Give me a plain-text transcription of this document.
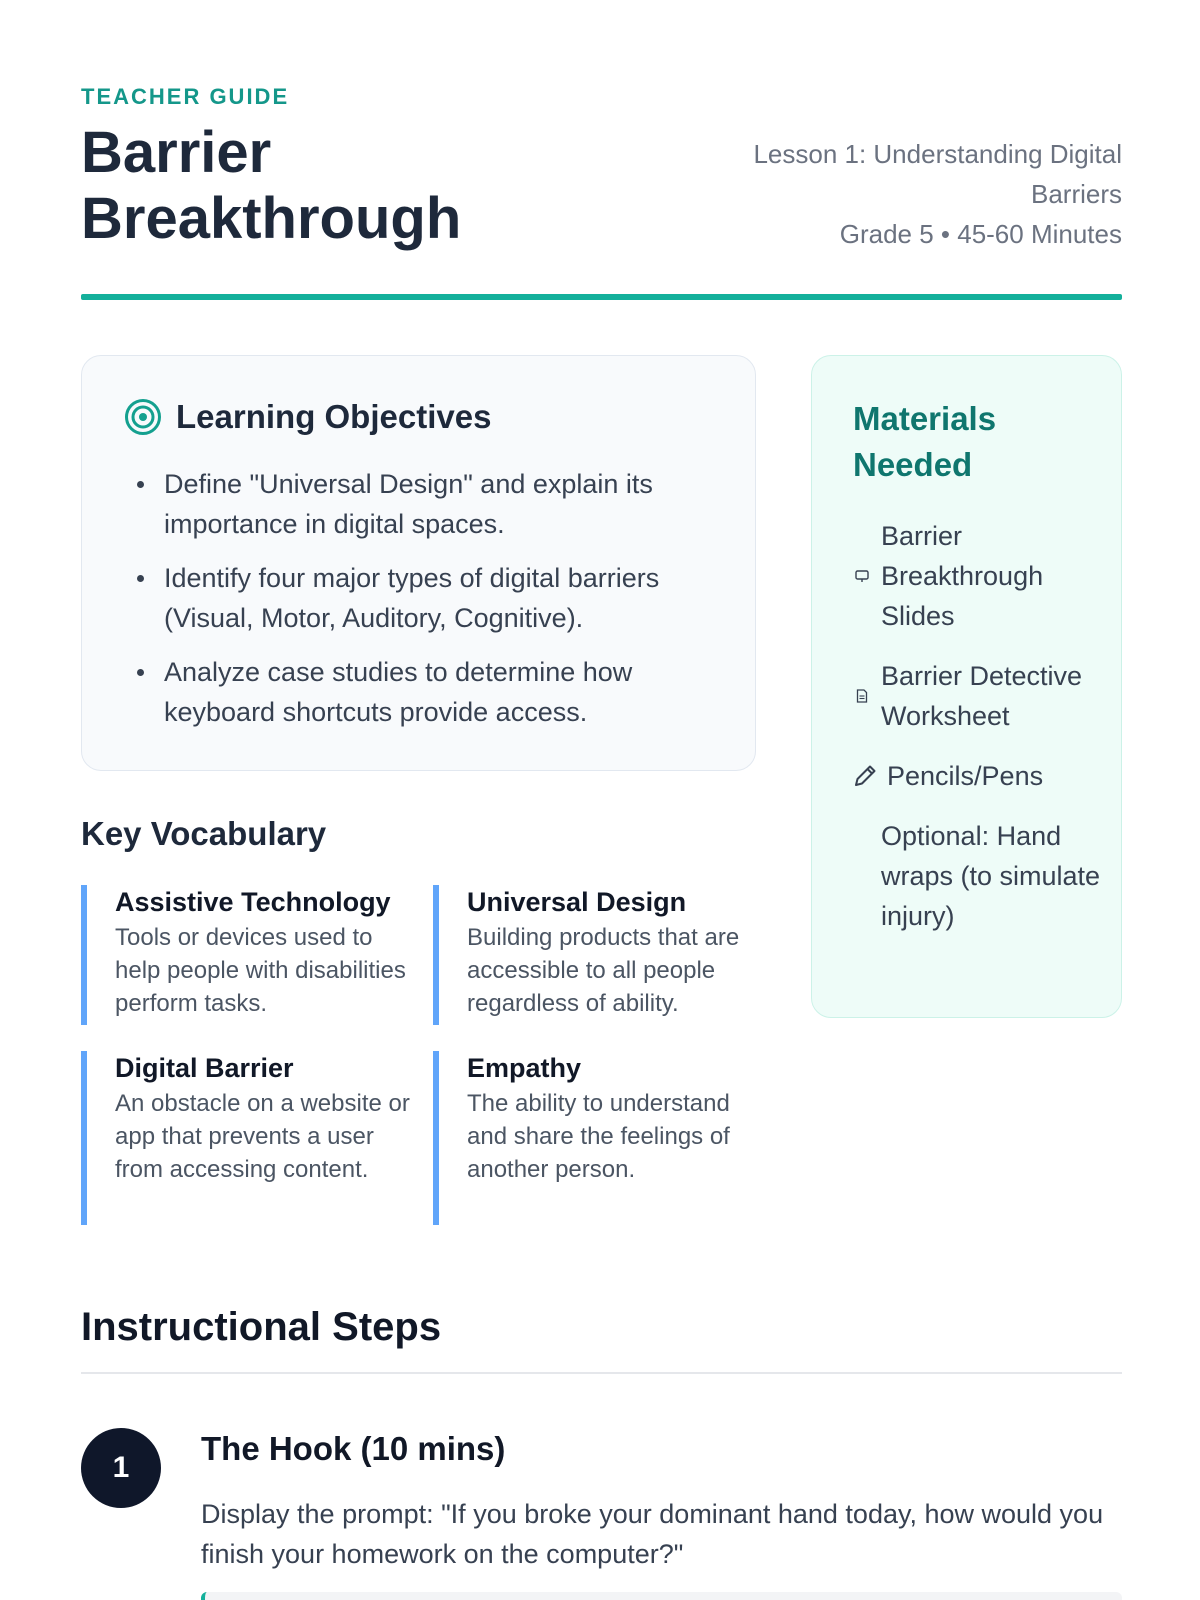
TEACHER GUIDE
Barrier Breakthrough
Lesson 1: Understanding Digital Barriers
Grade 5 • 45-60 Minutes
Learning Objectives
Define "Universal Design" and explain its importance in digital spaces.
Identify four major types of digital barriers (Visual, Motor, Auditory, Cognitive).
Analyze case studies to determine how keyboard shortcuts provide access.
Materials Needed
Barrier Breakthrough Slides
Barrier Detective Worksheet
Pencils/Pens
Optional: Hand wraps (to simulate injury)
Key Vocabulary
Assistive Technology
Tools or devices used to help people with disabilities perform tasks.
Universal Design
Building products that are accessible to all people regardless of ability.
Digital Barrier
An obstacle on a website or app that prevents a user from accessing content.
Empathy
The ability to understand and share the feelings of another person.
Instructional Steps
1
The Hook (10 mins)

Display the prompt: "If you broke your dominant hand today, how would you finish your homework on the computer?"
